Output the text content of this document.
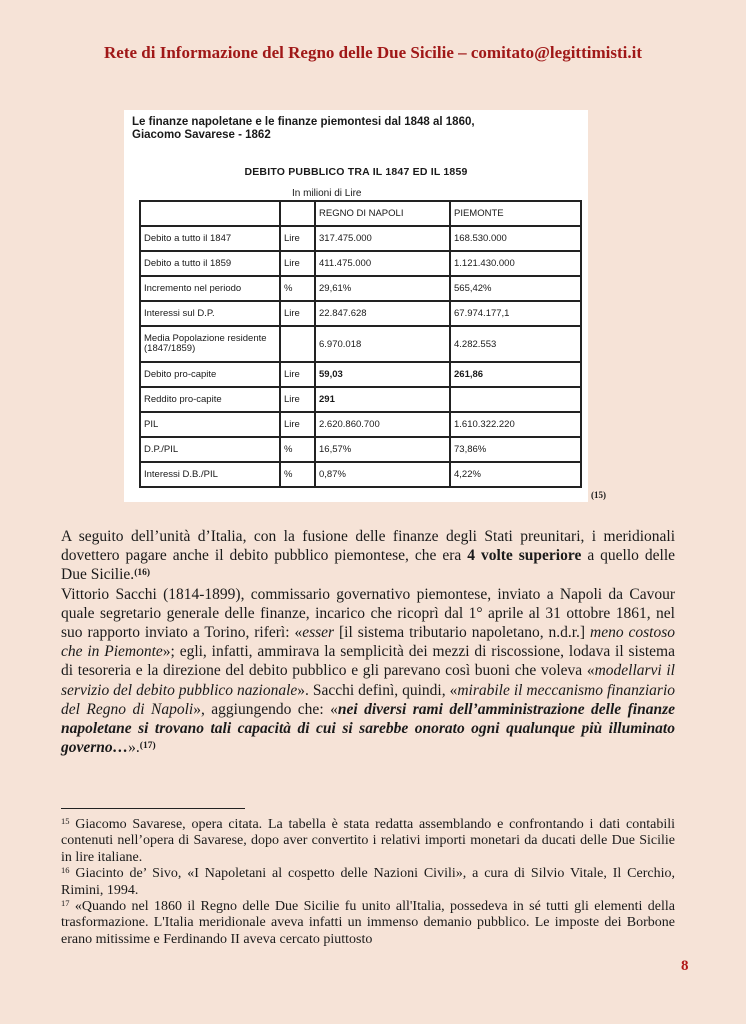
Rete di Informazione del Regno delle Due Sicilie – comitato@legittimisti.it
Le finanze napoletane e le finanze piemontesi dal 1848 al 1860,
Giacomo Savarese - 1862
DEBITO PUBBLICO TRA IL 1847 ED IL 1859
In milioni di Lire
		REGNO DI NAPOLI	PIEMONTE
Debito a tutto il 1847	Lire	317.475.000	168.530.000
Debito a tutto il 1859	Lire	411.475.000	1.121.430.000
Incremento nel periodo	%	29,61%	565,42%
Interessi sul D.P.	Lire	22.847.628	67.974.177,1
Media Popolazione residente (1847/1859)		6.970.018	4.282.553
Debito pro-capite	Lire	59,03	261,86
Reddito pro-capite	Lire	291	
PIL	Lire	2.620.860.700	1.610.322.220
D.P./PIL	%	16,57%	73,86%
Interessi D.B./PIL	%	0,87%	4,22%
(15)

A seguito dell’unità d’Italia, con la fusione delle finanze degli Stati preunitari, i meridionali dovettero pagare anche il debito pubblico piemontese, che era 4 volte superiore a quello delle Due Sicilie.$^{(16)}$

Vittorio Sacchi (1814-1899), commissario governativo piemontese, inviato a Napoli da Cavour quale segretario generale delle finanze, incarico che ricoprì dal 1° aprile al 31 ottobre 1861, nel suo rapporto inviato a Torino, riferì: «esser [il sistema tributario napoletano, n.d.r.] meno costoso che in Piemonte»; egli, infatti, ammirava la semplicità dei mezzi di riscossione, lodava il sistema di tesoreria e la direzione del debito pubblico e gli parevano così buoni che voleva «modellarvi il servizio del debito pubblico nazionale». Sacchi definì, quindi, «mirabile il meccanismo finanziario del Regno di Napoli», aggiungendo che: «nei diversi rami dell’amministrazione delle finanze napoletane si trovano tali capacità di cui si sarebbe onorato ogni qualunque più illuminato governo…».$^{(17)}$

$^{15}$ Giacomo Savarese, opera citata. La tabella è stata redatta assemblando e confrontando i dati contabili contenuti nell’opera di Savarese, dopo aver convertito i relativi importi monetari da ducati delle Due Sicilie in lire italiane.

$^{16}$ Giacinto de’ Sivo, «I Napoletani al cospetto delle Nazioni Civili», a cura di Silvio Vitale, Il Cerchio, Rimini, 1994.

$^{17}$ «Quando nel 1860 il Regno delle Due Sicilie fu unito all'Italia, possedeva in sé tutti gli elementi della trasformazione. L'Italia meridionale aveva infatti un immenso demanio pubblico. Le imposte dei Borbone erano mitissime e Ferdinando II aveva cercato piuttosto

8
